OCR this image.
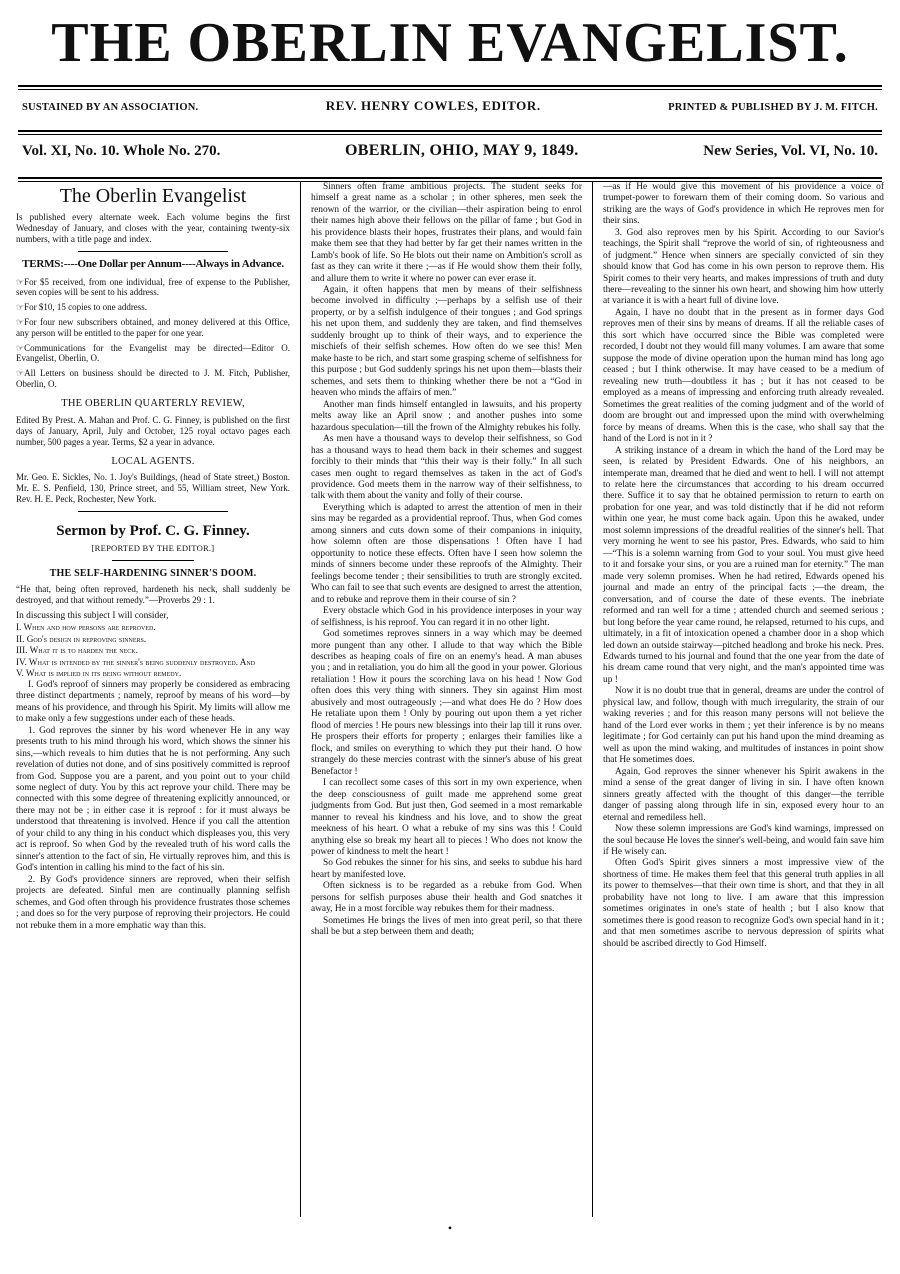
THE OBERLIN EVANGELIST.
SUSTAINED BY AN ASSOCIATION.	REV. HENRY COWLES, EDITOR.	PRINTED & PUBLISHED BY J. M. FITCH.
Vol. XI, No. 10. Whole No. 270.	OBERLIN, OHIO, MAY 9, 1849.	New Series, Vol. VI, No. 10.
The Oberlin Evangelist
Is published every alternate week. Each volume begins the first Wednesday of January, and closes with the year, containing twenty-six numbers, with a title page and index.
TERMS:----One Dollar per Annum----Always in Advance.
☞For $5 received, from one individual, free of expense to the Publisher, seven copies will be sent to his address.
☞For $10, 15 copies to one address.
☞For four new subscribers obtained, and money delivered at this Office, any person will be entitled to the paper for one year.
☞Communications for the Evangelist may be directed—Editor O. Evangelist, Oberlin, O.
☞All Letters on business should be directed to J. M. Fitch, Publisher, Oberlin, O.
THE OBERLIN QUARTERLY REVIEW,
Edited By Prest. A. Mahan and Prof. C. G. Finney, is published on the first days of January, April, July and October, 125 royal octavo pages each number, 500 pages a year. Terms, $2 a year in advance.
LOCAL AGENTS.
Mr. Geo. E. Sickles, No. 1. Joy's Buildings, (head of State street,) Boston. Mr. E. S. Penfield, 130, Prince street, and 55, William street, New York. Rev. H. E. Peck, Rochester, New York.
Sermon by Prof. C. G. Finney.
[REPORTED BY THE EDITOR.]
THE SELF-HARDENING SINNER'S DOOM.
“He that, being often reproved, hardeneth his neck, shall suddenly be destroyed, and that without remedy.”—Proverbs 29 : 1.

In discussing this subject I will consider,

I. When and how persons are reproved.

II. God's design in reproving sinners.

III. What it is to harden the neck.

IV. What is intended by the sinner's being suddenly destroyed. And

V. What is implied in its being without remedy.

I. God's reproof of sinners may properly be considered as embracing three distinct departments ; namely, reproof by means of his word—by means of his providence, and through his Spirit. My limits will allow me to make only a few suggestions under each of these heads.

1. God reproves the sinner by his word whenever He in any way presents truth to his mind through his word, which shows the sinner his sins,—which reveals to him duties that he is not performing. Any such revelation of duties not done, and of sins positively committed is reproof from God. Suppose you are a parent, and you point out to your child some neglect of duty. You by this act reprove your child. There may be connected with this some degree of threatening explicitly announced, or there may not be ; in either case it is reproof : for it must always be understood that threatening is involved. Hence if you call the attention of your child to any thing in his conduct which displeases you, this very act is reproof. So when God by the revealed truth of his word calls the sinner's attention to the fact of sin, He virtually reproves him, and this is God's intention in calling his mind to the fact of his sin.

2. By God's providence sinners are reproved, when their selfish projects are defeated. Sinful men are continually planning selfish schemes, and God often through his providence frustrates those schemes ; and does so for the very purpose of reproving their projectors. He could not rebuke them in a more emphatic way than this.

Sinners often frame ambitious projects. The student seeks for himself a great name as a scholar ; in other spheres, men seek the renown of the warrior, or the civilian—their aspiration being to enrol their names high above their fellows on the pillar of fame ; but God in his providence blasts their hopes, frustrates their plans, and would fain make them see that they had better by far get their names written in the Lamb's book of life. So He blots out their name on Ambition's scroll as fast as they can write it there ;—as if He would show them their folly, and allure them to write it where no power can ever erase it.

Again, it often happens that men by means of their selfishness become involved in difficulty ;—perhaps by a selfish use of their property, or by a selfish indulgence of their tongues ; and God springs his net upon them, and suddenly they are taken, and find themselves suddenly brought up to think of their ways, and to experience the mischiefs of their selfish schemes. How often do we see this! Men make haste to be rich, and start some grasping scheme of selfishness for this purpose ; but God suddenly springs his net upon them—blasts their schemes, and sets them to thinking whether there be not a “God in heaven who minds the affairs of men.”

Another man finds himself entangled in lawsuits, and his property melts away like an April snow ; and another pushes into some hazardous speculation—till the frown of the Almighty rebukes his folly.

As men have a thousand ways to develop their selfishness, so God has a thousand ways to head them back in their schemes and suggest forcibly to their minds that “this their way is their folly.” In all such cases men ought to regard themselves as taken in the act of God's providence. God meets them in the narrow way of their selfishness, to talk with them about the vanity and folly of their course.

Everything which is adapted to arrest the attention of men in their sins may be regarded as a providential reproof. Thus, when God comes among sinners and cuts down some of their companions in iniquity, how solemn often are those dispensations ! Often have I had opportunity to notice these effects. Often have I seen how solemn the minds of sinners become under these reproofs of the Almighty. Their feelings become tender ; their sensibilities to truth are strongly excited. Who can fail to see that such events are designed to arrest the attention, and to rebuke and reprove them in their course of sin ?

Every obstacle which God in his providence interposes in your way of selfishness, is his reproof. You can regard it in no other light.

God sometimes reproves sinners in a way which may be deemed more pungent than any other. I allude to that way which the Bible describes as heaping coals of fire on an enemy's head. A man abuses you ; and in retaliation, you do him all the good in your power. Glorious retaliation ! How it pours the scorching lava on his head ! Now God often does this very thing with sinners. They sin against Him most abusively and most outrageously ;—and what does He do ? How does He retaliate upon them ! Only by pouring out upon them a yet richer flood of mercies ! He pours new blessings into their lap till it runs over. He prospers their efforts for property ; enlarges their families like a flock, and smiles on everything to which they put their hand. O how strangely do these mercies contrast with the sinner's abuse of his great Benefactor !

I can recollect some cases of this sort in my own experience, when the deep consciousness of guilt made me apprehend some great judgments from God. But just then, God seemed in a most remarkable manner to reveal his kindness and his love, and to show the great meekness of his heart. O what a rebuke of my sins was this ! Could anything else so break my heart all to pieces ! Who does not know the power of kindness to melt the heart !

So God rebukes the sinner for his sins, and seeks to subdue his hard heart by manifested love.

Often sickness is to be regarded as a rebuke from God. When persons for selfish purposes abuse their health and God snatches it away, He in a most forcible way rebukes them for their madness.

Sometimes He brings the lives of men into great peril, so that there shall be but a step between them and death;

—as if He would give this movement of his providence a voice of trumpet-power to forewarn them of their coming doom. So various and striking are the ways of God's providence in which He reproves men for their sins.

3. God also reproves men by his Spirit. According to our Savior's teachings, the Spirit shall “reprove the world of sin, of righteousness and of judgment.” Hence when sinners are specially convicted of sin they should know that God has come in his own person to reprove them. His Spirit comes to their very hearts, and makes impressions of truth and duty there—revealing to the sinner his own heart, and showing him how utterly at variance it is with a heart full of divine love.

Again, I have no doubt that in the present as in former days God reproves men of their sins by means of dreams. If all the reliable cases of this sort which have occurred since the Bible was completed were recorded, I doubt not they would fill many volumes. I am aware that some suppose the mode of divine operation upon the human mind has long ago ceased ; but I think otherwise. It may have ceased to be a medium of revealing new truth—doubtless it has ; but it has not ceased to be employed as a means of impressing and enforcing truth already revealed. Sometimes the great realities of the coming judgment and of the world of doom are brought out and impressed upon the mind with overwhelming force by means of dreams. When this is the case, who shall say that the hand of the Lord is not in it ?

A striking instance of a dream in which the hand of the Lord may be seen, is related by President Edwards. One of his neighbors, an intemperate man, dreamed that he died and went to hell. I will not attempt to relate here the circumstances that according to his dream occurred there. Suffice it to say that he obtained permission to return to earth on probation for one year, and was told distinctly that if he did not reform within one year, he must come back again. Upon this he awaked, under most solemn impressions of the dreadful realities of the sinner's hell. That very morning he went to see his pastor, Pres. Edwards, who said to him—“This is a solemn warning from God to your soul. You must give heed to it and forsake your sins, or you are a ruined man for eternity.” The man made very solemn promises. When he had retired, Edwards opened his journal and made an entry of the principal facts ;—the dream, the conversation, and of course the date of these events. The inebriate reformed and ran well for a time ; attended church and seemed serious ; but long before the year came round, he relapsed, returned to his cups, and ultimately, in a fit of intoxication opened a chamber door in a shop which led down an outside stairway—pitched headlong and broke his neck. Pres. Edwards turned to his journal and found that the one year from the date of his dream came round that very night, and the man's appointed time was up !

Now it is no doubt true that in general, dreams are under the control of physical law, and follow, though with much irregularity, the strain of our waking reveries ; and for this reason many persons will not believe the hand of the Lord ever works in them ; yet their inference is by no means legitimate ; for God certainly can put his hand upon the mind dreaming as well as upon the mind waking, and multitudes of instances in point show that He sometimes does.

Again, God reproves the sinner whenever his Spirit awakens in the mind a sense of the great danger of living in sin. I have often known sinners greatly affected with the thought of this danger—the terrible danger of passing along through life in sin, exposed every hour to an eternal and remediless hell.

Now these solemn impressions are God's kind warnings, impressed on the soul because He loves the sinner's well-being, and would fain save him if He wisely can.

Often God's Spirit gives sinners a most impressive view of the shortness of time. He makes them feel that this general truth applies in all its power to themselves—that their own time is short, and that they in all probability have not long to live. I am aware that this impression sometimes originates in one's state of health ; but I also know that sometimes there is good reason to recognize God's own special hand in it ; and that men sometimes ascribe to nervous depression of spirits what should be ascribed directly to God Himself.

•
